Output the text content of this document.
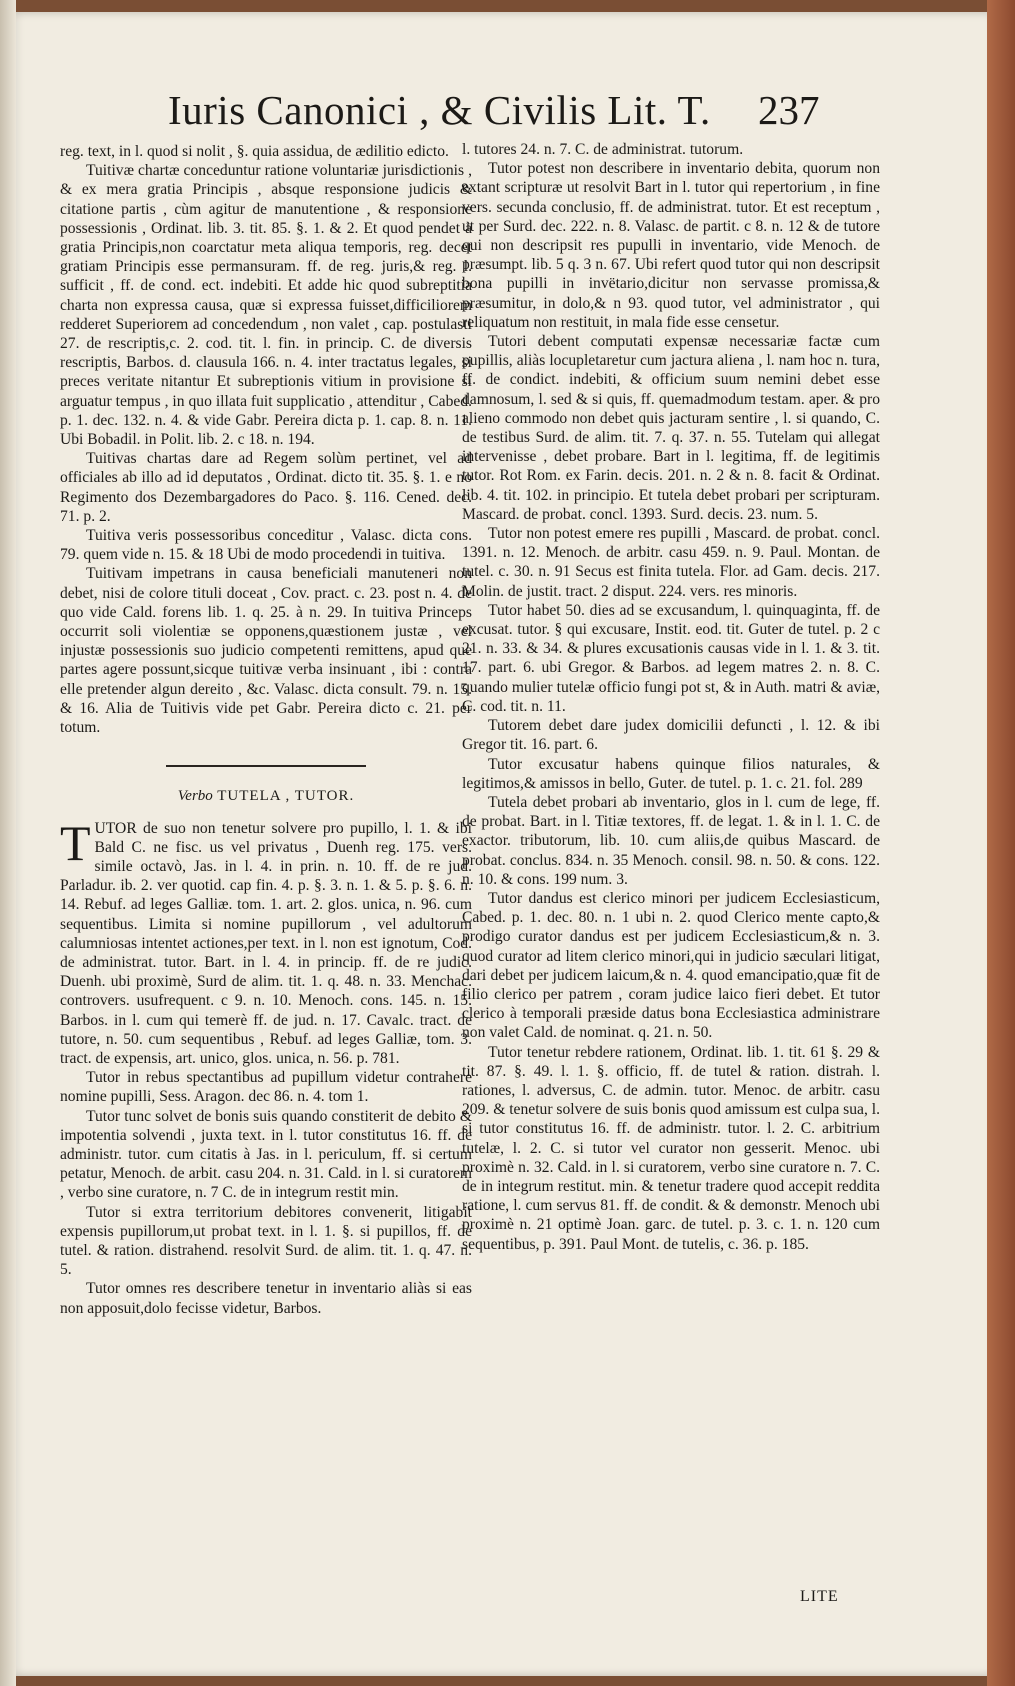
Iuris Canonici , & Civilis Lit. T. 237

reg. text, in l. quod si nolit , §. quia assidua, de ædilitio edicto.

Tuitivæ chartæ conceduntur ratione voluntariæ jurisdictionis , & ex mera gratia Principis , absque responsione judicis & citatione partis , cùm agitur de manutentione , & responsione possessionis , Ordinat. lib. 3. tit. 85. §. 1. & 2. Et quod pendet à gratia Principis,non coarctatur meta aliqua temporis, reg. decet gratiam Principis esse permansuram. ff. de reg. juris,& reg. l. sufficit , ff. de cond. ect. indebiti. Et adde hic quod subreptitia charta non expressa causa, quæ si expressa fuisset,difficiliorem redderet Superiorem ad concedendum , non valet , cap. postulasti 27. de rescriptis,c. 2. cod. tit. l. fin. in princip. C. de diversis rescriptis, Barbos. d. clausula 166. n. 4. inter tractatus legales, si preces veritate nitantur Et subreptionis vitium in provisione si arguatur tempus , in quo illata fuit supplicatio , attenditur , Cabed. p. 1. dec. 132. n. 4. & vide Gabr. Pereira dicta p. 1. cap. 8. n. 11. Ubi Bobadil. in Polit. lib. 2. c 18. n. 194.

Tuitivas chartas dare ad Regem solùm pertinet, vel ad officiales ab illo ad id deputatos , Ordinat. dicto tit. 35. §. 1. e no Regimento dos Dezembargadores do Paco. §. 116. Cened. dec. 71. p. 2.

Tuitiva veris possessoribus conceditur , Valasc. dicta cons. 79. quem vide n. 15. & 18 Ubi de modo procedendi in tuitiva.

Tuitivam impetrans in causa beneficiali manuteneri non debet, nisi de colore tituli doceat , Cov. pract. c. 23. post n. 4. de quo vide Cald. forens lib. 1. q. 25. à n. 29. In tuitiva Princeps occurrit soli violentiæ se opponens,quæstionem justæ , vel injustæ possessionis suo judicio competenti remittens, apud que partes agere possunt,sicque tuitivæ verba insinuant , ibi : contra elle pretender algun dereito , &c. Valasc. dicta consult. 79. n. 15. & 16. Alia de Tuitivis vide pet Gabr. Pereira dicto c. 21. per totum.

Verbo TUTELA , TUTOR.

TUTOR de suo non tenetur solvere pro pupillo, l. 1. & ibi Bald C. ne fisc. us vel privatus , Duenh reg. 175. vers. simile octavò, Jas. in l. 4. in prin. n. 10. ff. de re jud. Parladur. ib. 2. ver quotid. cap fin. 4. p. §. 3. n. 1. & 5. p. §. 6. n. 14. Rebuf. ad leges Galliæ. tom. 1. art. 2. glos. unica, n. 96. cum sequentibus. Limita si nomine pupillorum , vel adultorum calumniosas intentet actiones,per text. in l. non est ignotum, Cod. de administrat. tutor. Bart. in l. 4. in princip. ff. de re judic. Duenh. ubi proximè, Surd de alim. tit. 1. q. 48. n. 33. Menchac. controvers. usufrequent. c 9. n. 10. Menoch. cons. 145. n. 15. Barbos. in l. cum qui temerè ff. de jud. n. 17. Cavalc. tract. de tutore, n. 50. cum sequentibus , Rebuf. ad leges Galliæ, tom. 3. tract. de expensis, art. unico, glos. unica, n. 56. p. 781.

Tutor in rebus spectantibus ad pupillum videtur contrahere nomine pupilli, Sess. Aragon. dec 86. n. 4. tom 1.

Tutor tunc solvet de bonis suis quando constiterit de debito & impotentia solvendi , juxta text. in l. tutor constitutus 16. ff. de administr. tutor. cum citatis à Jas. in l. periculum, ff. si certum petatur, Menoch. de arbit. casu 204. n. 31. Cald. in l. si curatorem , verbo sine curatore, n. 7 C. de in integrum restit min.

Tutor si extra territorium debitores convenerit, litigabit expensis pupillorum,ut probat text. in l. 1. §. si pupillos, ff. de tutel. & ration. distrahend. resolvit Surd. de alim. tit. 1. q. 47. n. 5.

Tutor omnes res describere tenetur in inventario aliàs si eas non apposuit,dolo fecisse videtur, Barbos.

l. tutores 24. n. 7. C. de administrat. tutorum.

Tutor potest non describere in inventario debita, quorum non extant scripturæ ut resolvit Bart in l. tutor qui repertorium , in fine vers. secunda conclusio, ff. de administrat. tutor. Et est receptum , ut per Surd. dec. 222. n. 8. Valasc. de partit. c 8. n. 12 & de tutore qui non descripsit res pupulli in inventario, vide Menoch. de præsumpt. lib. 5 q. 3 n. 67. Ubi refert quod tutor qui non descripsit bona pupilli in invëtario,dicitur non servasse promissa,& præsumitur, in dolo,& n 93. quod tutor, vel administrator , qui reliquatum non restituit, in mala fide esse censetur.

Tutori debent computati expensæ necessariæ factæ cum pupillis, aliàs locupletaretur cum jactura aliena , l. nam hoc n. tura, ff. de condict. indebiti, & officium suum nemini debet esse damnosum, l. sed & si quis, ff. quemadmodum testam. aper. & pro alieno commodo non debet quis jacturam sentire , l. si quando, C. de testibus Surd. de alim. tit. 7. q. 37. n. 55. Tutelam qui allegat intervenisse , debet probare. Bart in l. legitima, ff. de legitimis tutor. Rot Rom. ex Farin. decis. 201. n. 2 & n. 8. facit & Ordinat. lib. 4. tit. 102. in principio. Et tutela debet probari per scripturam. Mascard. de probat. concl. 1393. Surd. decis. 23. num. 5.

Tutor non potest emere res pupilli , Mascard. de probat. concl. 1391. n. 12. Menoch. de arbitr. casu 459. n. 9. Paul. Montan. de tutel. c. 30. n. 91 Secus est finita tutela. Flor. ad Gam. decis. 217. Molin. de justit. tract. 2 disput. 224. vers. res minoris.

Tutor habet 50. dies ad se excusandum, l. quinquaginta, ff. de excusat. tutor. § qui excusare, Instit. eod. tit. Guter de tutel. p. 2 c 21. n. 33. & 34. & plures excusationis causas vide in l. 1. & 3. tit. 17. part. 6. ubi Gregor. & Barbos. ad legem matres 2. n. 8. C. quando mulier tutelæ officio fungi pot st, & in Auth. matri & aviæ, C. cod. tit. n. 11.

Tutorem debet dare judex domicilii defuncti , l. 12. & ibi Gregor tit. 16. part. 6.

Tutor excusatur habens quinque filios naturales, & legitimos,& amissos in bello, Guter. de tutel. p. 1. c. 21. fol. 289

Tutela debet probari ab inventario, glos in l. cum de lege, ff. de probat. Bart. in l. Titiæ textores, ff. de legat. 1. & in l. 1. C. de exactor. tributorum, lib. 10. cum aliis,de quibus Mascard. de probat. conclus. 834. n. 35 Menoch. consil. 98. n. 50. & cons. 122. n. 10. & cons. 199 num. 3.

Tutor dandus est clerico minori per judicem Ecclesiasticum, Cabed. p. 1. dec. 80. n. 1 ubi n. 2. quod Clerico mente capto,& prodigo curator dandus est per judicem Ecclesiasticum,& n. 3. quod curator ad litem clerico minori,qui in judicio sæculari litigat, dari debet per judicem laicum,& n. 4. quod emancipatio,quæ fit de filio clerico per patrem , coram judice laico fieri debet. Et tutor clerico à temporali præside datus bona Ecclesiastica administrare non valet Cald. de nominat. q. 21. n. 50.

Tutor tenetur rebdere rationem, Ordinat. lib. 1. tit. 61 §. 29 & tit. 87. §. 49. l. 1. §. officio, ff. de tutel & ration. distrah. l. rationes, l. adversus, C. de admin. tutor. Menoc. de arbitr. casu 209. & tenetur solvere de suis bonis quod amissum est culpa sua, l. si tutor constitutus 16. ff. de administr. tutor. l. 2. C. arbitrium tutelæ, l. 2. C. si tutor vel curator non gesserit. Menoc. ubi proximè n. 32. Cald. in l. si curatorem, verbo sine curatore n. 7. C. de in integrum restitut. min. & tenetur tradere quod accepit reddita ratione, l. cum servus 81. ff. de condit. & & demonstr. Menoch ubi proximè n. 21 optimè Joan. garc. de tutel. p. 3. c. 1. n. 120 cum sequentibus, p. 391. Paul Mont. de tutelis, c. 36. p. 185.

LITE
